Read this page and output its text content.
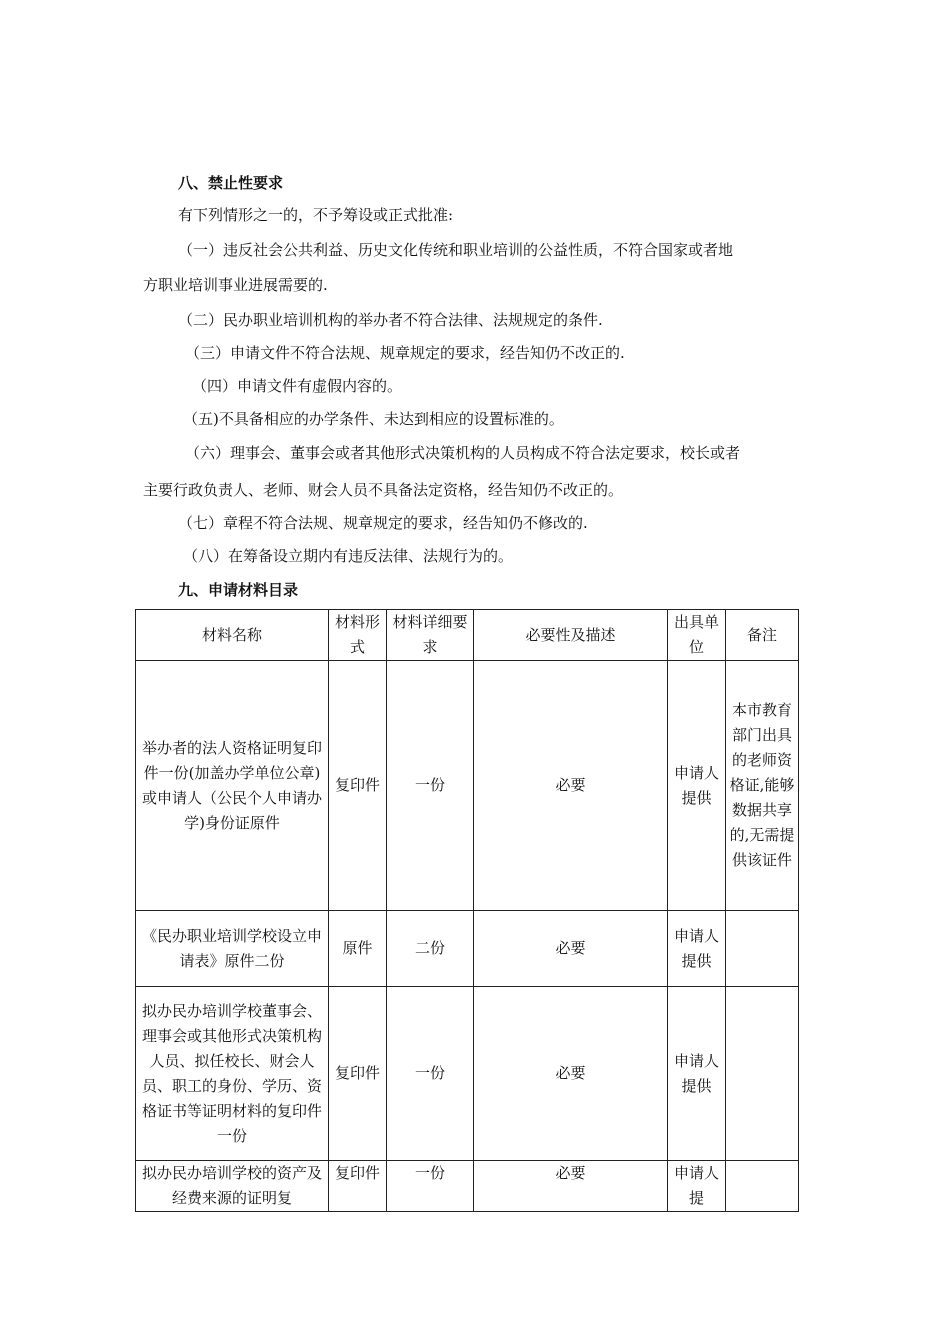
八、禁止性要求
有下列情形之一的，不予筹设或正式批准:
（一）违反社会公共利益、历史文化传统和职业培训的公益性质，不符合国家或者地
方职业培训事业进展需要的.
（二）民办职业培训机构的举办者不符合法律、法规规定的条件.
（三）申请文件不符合法规、规章规定的要求，经告知仍不改正的.
（四）申请文件有虚假内容的。
（五)不具备相应的办学条件、未达到相应的设置标准的。
（六）理事会、董事会或者其他形式决策机构的人员构成不符合法定要求，校长或者
主要行政负责人、老师、财会人员不具备法定资格，经告知仍不改正的。
（七）章程不符合法规、规章规定的要求，经告知仍不修改的.
（八）在筹备设立期内有违反法律、法规行为的。
九、申请材料目录
材料名称	材料形式	材料详细要求	必要性及描述	出具单位	备注
举办者的法人资格证明复印件一份(加盖办学单位公章)或申请人（公民个人申请办学)身份证原件	复印件	一份	必要	申请人提供	本市教育部门出具的老师资格证,能够数据共享的,无需提供该证件
《民办职业培训学校设立申请表》原件二份	原件	二份	必要	申请人提供	
拟办民办培训学校董事会、理事会或其他形式决策机构人员、拟任校长、财会人员、职工的身份、学历、资格证书等证明材料的复印件一份	复印件	一份	必要	申请人提供	
拟办民办培训学校的资产及经费来源的证明复	复印件	一份	必要	申请人提	
